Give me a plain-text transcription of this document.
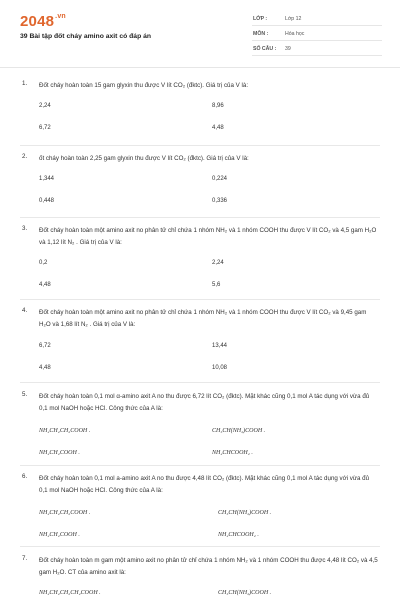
$2048^{.vn}$
39 Bài tập đốt cháy amino axit có đáp án
LỚP :	Lớp 12
MÔN :	Hóa học
SỐ CÂU : 39
1. Đốt cháy hoàn toàn 15 gam glyxin thu được V lít CO₂ (đktc). Giá trị của V là:
2,24	8,96
6,72	4,48
2. ốt cháy hoàn toàn 2,25 gam glyxin thu được V lít CO₂ (đktc). Giá trị của V là:
1,344	0,224
0,448	0,336
3. Đốt cháy hoàn toàn một amino axit no phân tử chỉ chứa 1 nhóm NH₂ và 1 nhóm COOH thu được V lít CO₂ và 4,5 gam H₂O và 1,12 lít N₂ . Giá trị của V là:
0,2	2,24
4,48	5,6
4. Đốt cháy hoàn toàn một amino axit no phân tử chỉ chứa 1 nhóm NH₂ và 1 nhóm COOH thu được V lít CO₂ và 9,45 gam H₂O và 1,68 lít N₂ . Giá trị của V là:
6,72	13,44
4,48	10,08
5. Đốt cháy hoàn toàn 0,1 mol α-amino axit A no thu được 6,72 lít CO₂ (đktc). Mặt khác cũng 0,1 mol A tác dụng với vừa đủ 0,1 mol NaOH hoặc HCl. Công thức của A là:
NH₂CH₂CH₂COOH .	CH₃CH(NH₂)COOH .
NH₂CH₂COOH .	NH₂CHCOOH₂ .
6. Đốt cháy hoàn toàn 0,1 mol a-amino axit A no thu được 4,48 lít CO₂ (đktc). Mặt khác cũng 0,1 mol A tác dụng với vừa đủ 0,1 mol NaOH hoặc HCl. Công thức của A là:
NH₂CH₂CH₂COOH .	CH₃CH(NH₂)COOH .
NH₂CH₂COOH .	NH₂CHCOOH₂ .
7. Đốt cháy hoàn toàn m gam một amino axit no phân tử chỉ chứa 1 nhóm NH₂ và 1 nhóm COOH thu được 4,48 lít CO₂ và 4,5 gam H₂O. CT của amino axit là:
NH₂CH₂CH₂CH₂COOH .	CH₃CH(NH₂)COOH .
